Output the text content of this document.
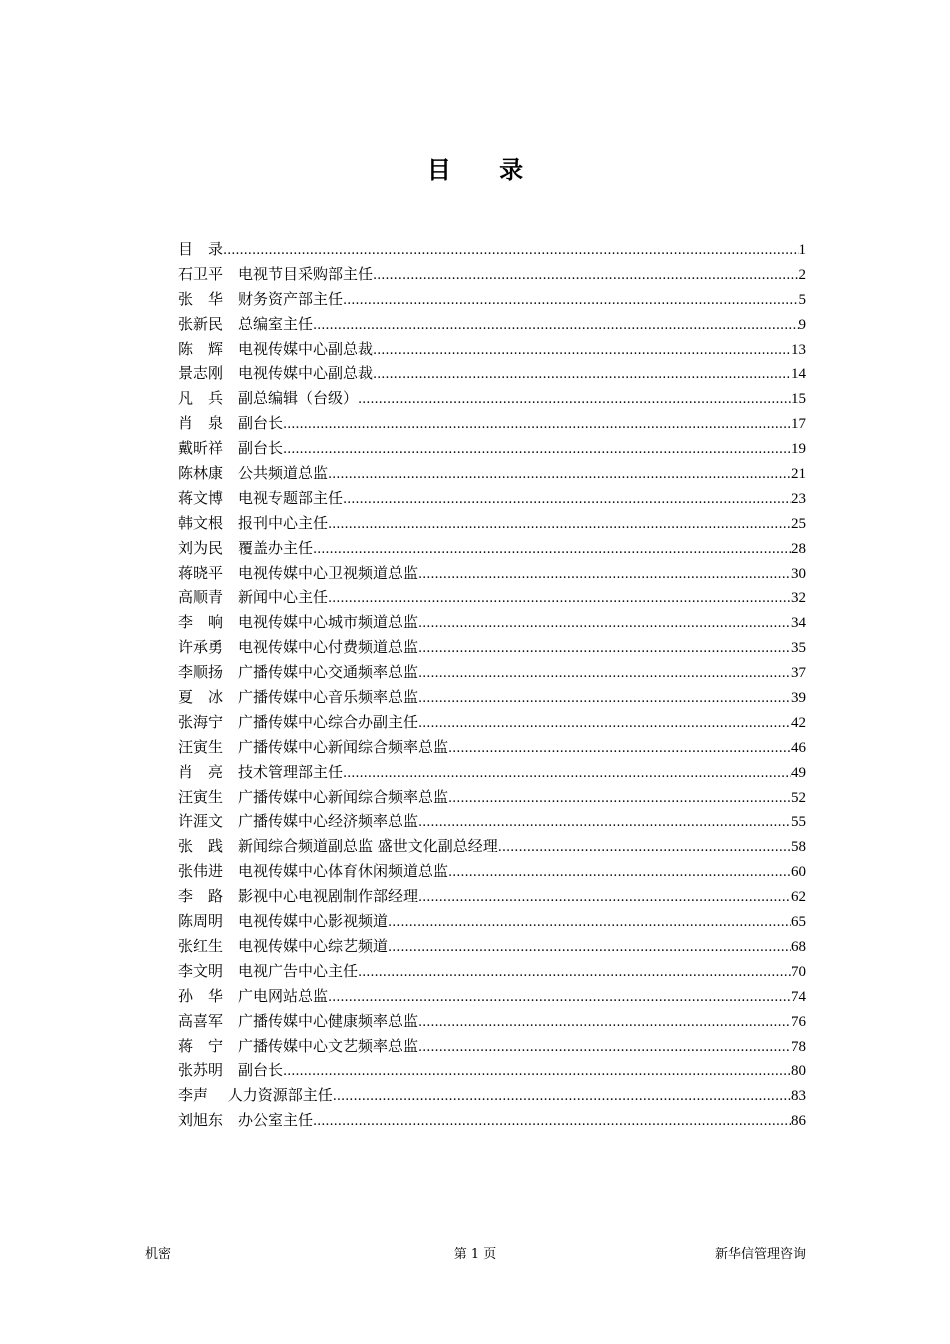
目 录
目　录 .....	1
石卫平　电视节目采购部主任 .....	2
张　华　财务资产部主任 .....	5
张新民　总编室主任 .....	9
陈　辉　电视传媒中心副总裁 .....	13
景志刚　电视传媒中心副总裁 .....	14
凡　兵　副总编辑（台级） .....	15
肖　泉　副台长 .....	17
戴昕祥　副台长 .....	19
陈林康　公共频道总监 .....	21
蒋文博　电视专题部主任 .....	23
韩文根　报刊中心主任 .....	25
刘为民　覆盖办主任 .....	28
蒋晓平　电视传媒中心卫视频道总监 .....	30
高顺青　新闻中心主任 .....	32
李　响　电视传媒中心城市频道总监 .....	34
许承勇　电视传媒中心付费频道总监 .....	35
李顺扬　广播传媒中心交通频率总监 .....	37
夏　冰　广播传媒中心音乐频率总监 .....	39
张海宁　广播传媒中心综合办副主任 .....	42
汪寅生　广播传媒中心新闻综合频率总监 .....	46
肖　亮　技术管理部主任 .....	49
汪寅生　广播传媒中心新闻综合频率总监 .....	52
许涯文　广播传媒中心经济频率总监 .....	55
张　践　新闻综合频道副总监 盛世文化副总经理 .....	58
张伟进　电视传媒中心体育休闲频道总监 .....	60
李　路　影视中心电视剧制作部经理 .....	62
陈周明　电视传媒中心影视频道 .....	65
张红生　电视传媒中心综艺频道 .....	68
李文明　电视广告中心主任 .....	70
孙　华　广电网站总监 .....	74
高喜军　广播传媒中心健康频率总监 .....	76
蒋　宁　广播传媒中心文艺频率总监 .....	78
张苏明　副台长 .....	80
李声　 人力资源部主任 .....	83
刘旭东　办公室主任 .....	86
机密	第 1 页	新华信管理咨询
